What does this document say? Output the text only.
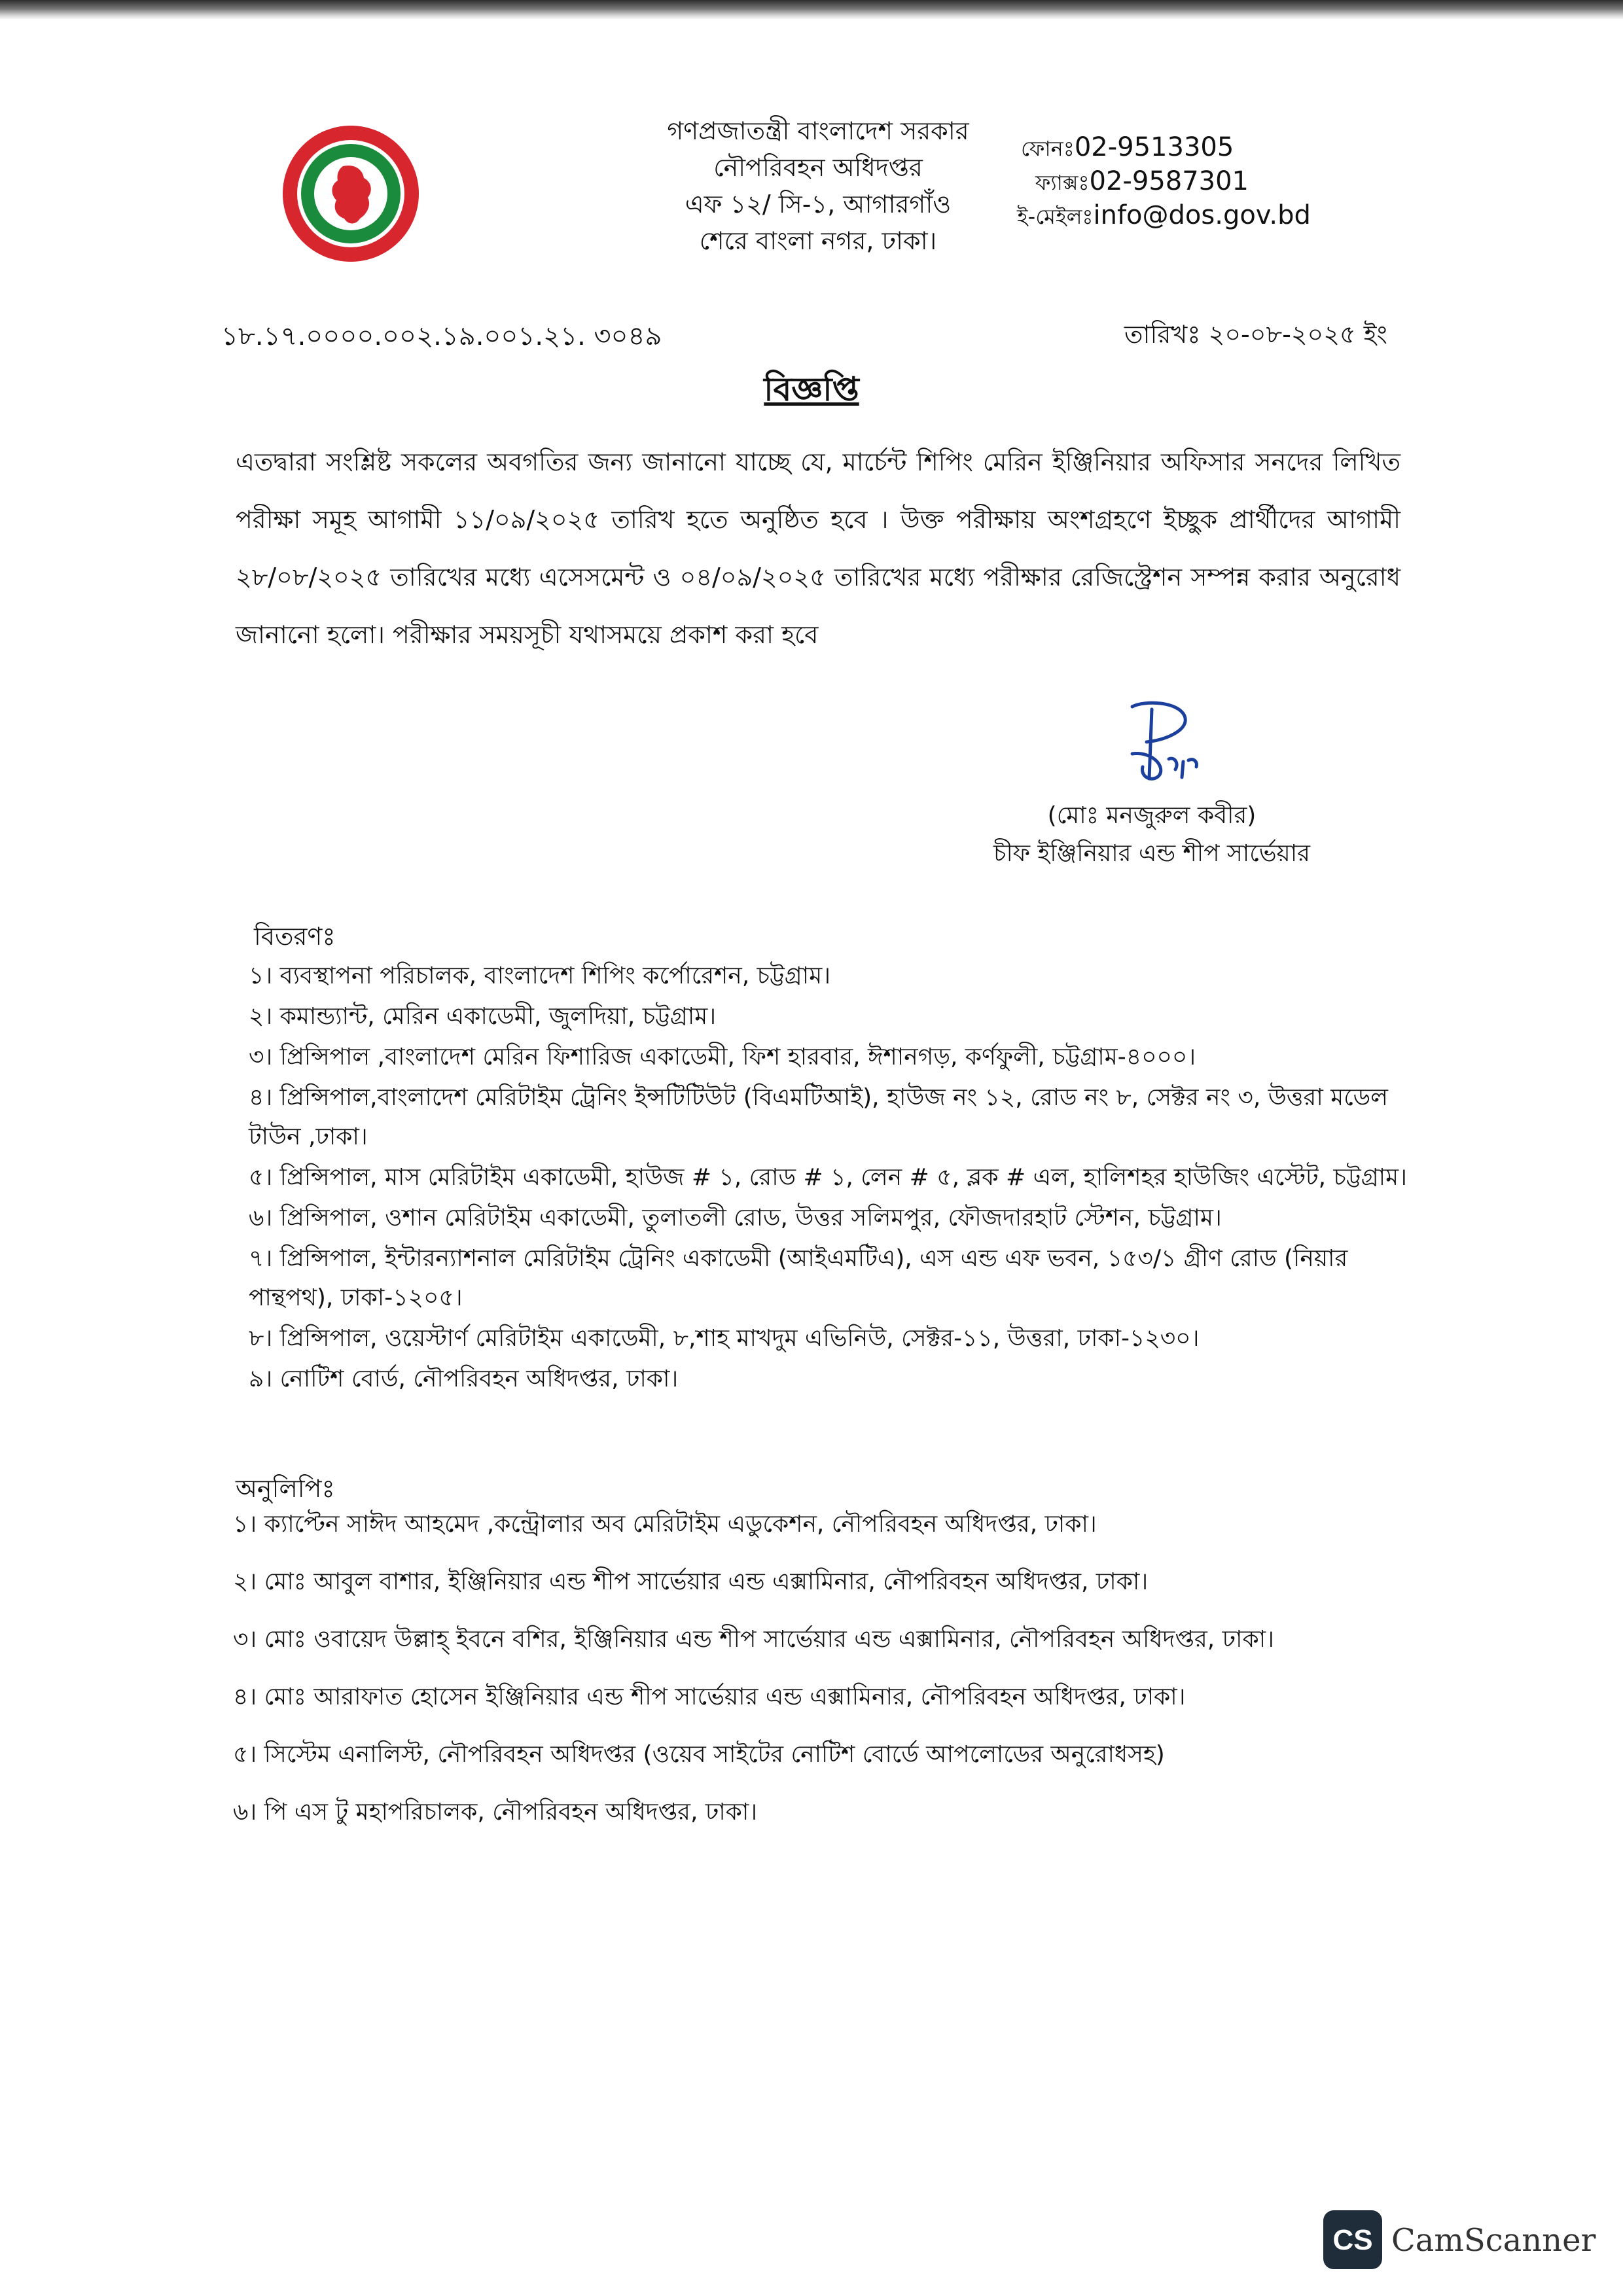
গণপ্রজাতন্ত্রী বাংলাদেশ সরকার
নৌপরিবহন অধিদপ্তর
এফ ১২/ সি-১, আগারগাঁও
শেরে বাংলা নগর, ঢাকা।
ফোনঃ02-9513305
ফ্যাক্সঃ02-9587301
ই-মেইলঃinfo@dos.gov.bd
১৮.১৭.০০০০.০০২.১৯.০০১.২১. ৩০৪৯	তারিখঃ ২০-০৮-২০২৫ ইং
বিজ্ঞপ্তি
এতদ্বারা সংশ্লিষ্ট সকলের অবগতির জন্য জানানো যাচ্ছে যে, মার্চেন্ট শিপিং মেরিন ইঞ্জিনিয়ার অফিসার সনদের লিখিত পরীক্ষা সমূহ আগামী ১১/০৯/২০২৫ তারিখ হতে অনুষ্ঠিত হবে । উক্ত পরীক্ষায় অংশগ্রহণে ইচ্ছুক প্রার্থীদের আগামী ২৮/০৮/২০২৫ তারিখের মধ্যে এসেসমেন্ট ও ০৪/০৯/২০২৫ তারিখের মধ্যে পরীক্ষার রেজিস্ট্রেশন সম্পন্ন করার অনুরোধ জানানো হলো। পরীক্ষার সময়সূচী যথাসময়ে প্রকাশ করা হবে
(মোঃ মনজুরুল কবীর)
চীফ ইঞ্জিনিয়ার এন্ড শীপ সার্ভেয়ার
বিতরণঃ
১। ব্যবস্থাপনা পরিচালক, বাংলাদেশ শিপিং কর্পোরেশন, চট্টগ্রাম।
২। কমান্ড্যান্ট, মেরিন একাডেমী, জুলদিয়া, চট্টগ্রাম।
৩। প্রিন্সিপাল ,বাংলাদেশ মেরিন ফিশারিজ একাডেমী, ফিশ হারবার, ঈশানগড়, কর্ণফুলী, চট্টগ্রাম-৪০০০।
৪। প্রিন্সিপাল,বাংলাদেশ মেরিটাইম ট্রেনিং ইন্সটিটিউট (বিএমটিআই), হাউজ নং ১২, রোড নং ৮, সেক্টর নং ৩, উত্তরা মডেল টাউন ,ঢাকা।
৫। প্রিন্সিপাল, মাস মেরিটাইম একাডেমী, হাউজ # ১, রোড # ১, লেন # ৫, ব্লক # এল, হালিশহর হাউজিং এস্টেট, চট্টগ্রাম।
৬। প্রিন্সিপাল, ওশান মেরিটাইম একাডেমী, তুলাতলী রোড, উত্তর সলিমপুর, ফৌজদারহাট স্টেশন, চট্টগ্রাম।
৭। প্রিন্সিপাল, ইন্টারন্যাশনাল মেরিটাইম ট্রেনিং একাডেমী (আইএমটিএ), এস এন্ড এফ ভবন, ১৫৩/১ গ্রীণ রোড (নিয়ার পান্থপথ), ঢাকা-১২০৫।
৮। প্রিন্সিপাল, ওয়েস্টার্ণ মেরিটাইম একাডেমী, ৮,শাহ মাখদুম এভিনিউ, সেক্টর-১১, উত্তরা, ঢাকা-১২৩০।
৯। নোটিশ বোর্ড, নৌপরিবহন অধিদপ্তর, ঢাকা।
অনুলিপিঃ
১। ক্যাপ্টেন সাঈদ আহমেদ ,কন্ট্রোলার অব মেরিটাইম এডুকেশন, নৌপরিবহন অধিদপ্তর, ঢাকা।
২। মোঃ আবুল বাশার, ইঞ্জিনিয়ার এন্ড শীপ সার্ভেয়ার এন্ড এক্সামিনার, নৌপরিবহন অধিদপ্তর, ঢাকা।
৩। মোঃ ওবায়েদ উল্লাহ্ ইবনে বশির, ইঞ্জিনিয়ার এন্ড শীপ সার্ভেয়ার এন্ড এক্সামিনার, নৌপরিবহন অধিদপ্তর, ঢাকা।
৪। মোঃ আরাফাত হোসেন ইঞ্জিনিয়ার এন্ড শীপ সার্ভেয়ার এন্ড এক্সামিনার, নৌপরিবহন অধিদপ্তর, ঢাকা।
৫। সিস্টেম এনালিস্ট, নৌপরিবহন অধিদপ্তর (ওয়েব সাইটের নোটিশ বোর্ডে আপলোডের অনুরোধসহ)
৬। পি এস টু মহাপরিচালক, নৌপরিবহন অধিদপ্তর, ঢাকা।
CS CamScanner
